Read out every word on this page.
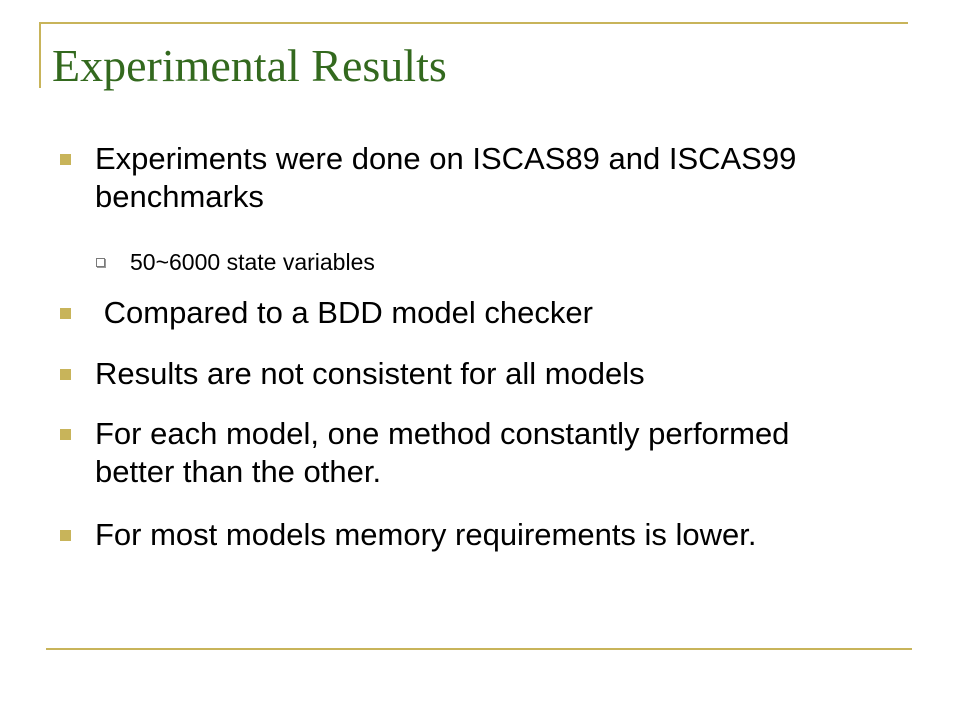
Experimental Results
Experiments were done on ISCAS89 and ISCAS99 benchmarks
50~6000 state variables
Compared to a BDD model checker
Results are not consistent for all models
For each model, one method constantly performed better than the other.
For most models memory requirements is lower.
